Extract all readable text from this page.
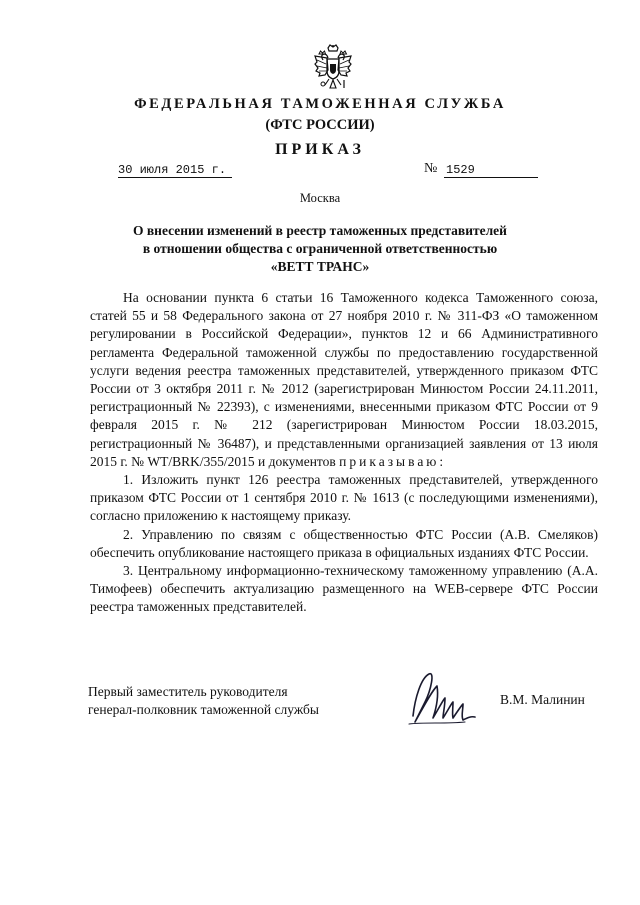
ФЕДЕРАЛЬНАЯ ТАМОЖЕННАЯ СЛУЖБА
(ФТС РОССИИ)
ПРИКАЗ
30 июля 2015 г.	№ 1529
Москва
О внесении изменений в реестр таможенных представителей
в отношении общества с ограниченной ответственностью
«ВЕТТ ТРАНС»

На основании пункта 6 статьи 16 Таможенного кодекса Таможенного союза, статей 55 и 58 Федерального закона от 27 ноября 2010 г. № 311-ФЗ «О таможенном регулировании в Российской Федерации», пунктов 12 и 66 Административного регламента Федеральной таможенной службы по предоставлению государственной услуги ведения реестра таможенных представителей, утвержденного приказом ФТС России от 3 октября 2011 г. № 2012 (зарегистрирован Минюстом России 24.11.2011, регистрационный № 22393), с изменениями, внесенными приказом ФТС России от 9 февраля 2015 г. № 212 (зарегистрирован Минюстом России 18.03.2015, регистрационный № 36487), и представленными организацией заявления от 13 июля 2015 г. № WT/BRK/355/2015 и документов приказываю:

1. Изложить пункт 126 реестра таможенных представителей, утвержденного приказом ФТС России от 1 сентября 2010 г. № 1613 (с последующими изменениями), согласно приложению к настоящему приказу.

2. Управлению по связям с общественностью ФТС России (А.В. Смеляков) обеспечить опубликование настоящего приказа в официальных изданиях ФТС России.

3. Центральному информационно-техническому таможенному управлению (А.А. Тимофеев) обеспечить актуализацию размещенного на WEB-сервере ФТС России реестра таможенных представителей.

Первый заместитель руководителя
генерал-полковник таможенной службы
В.М. Малинин
